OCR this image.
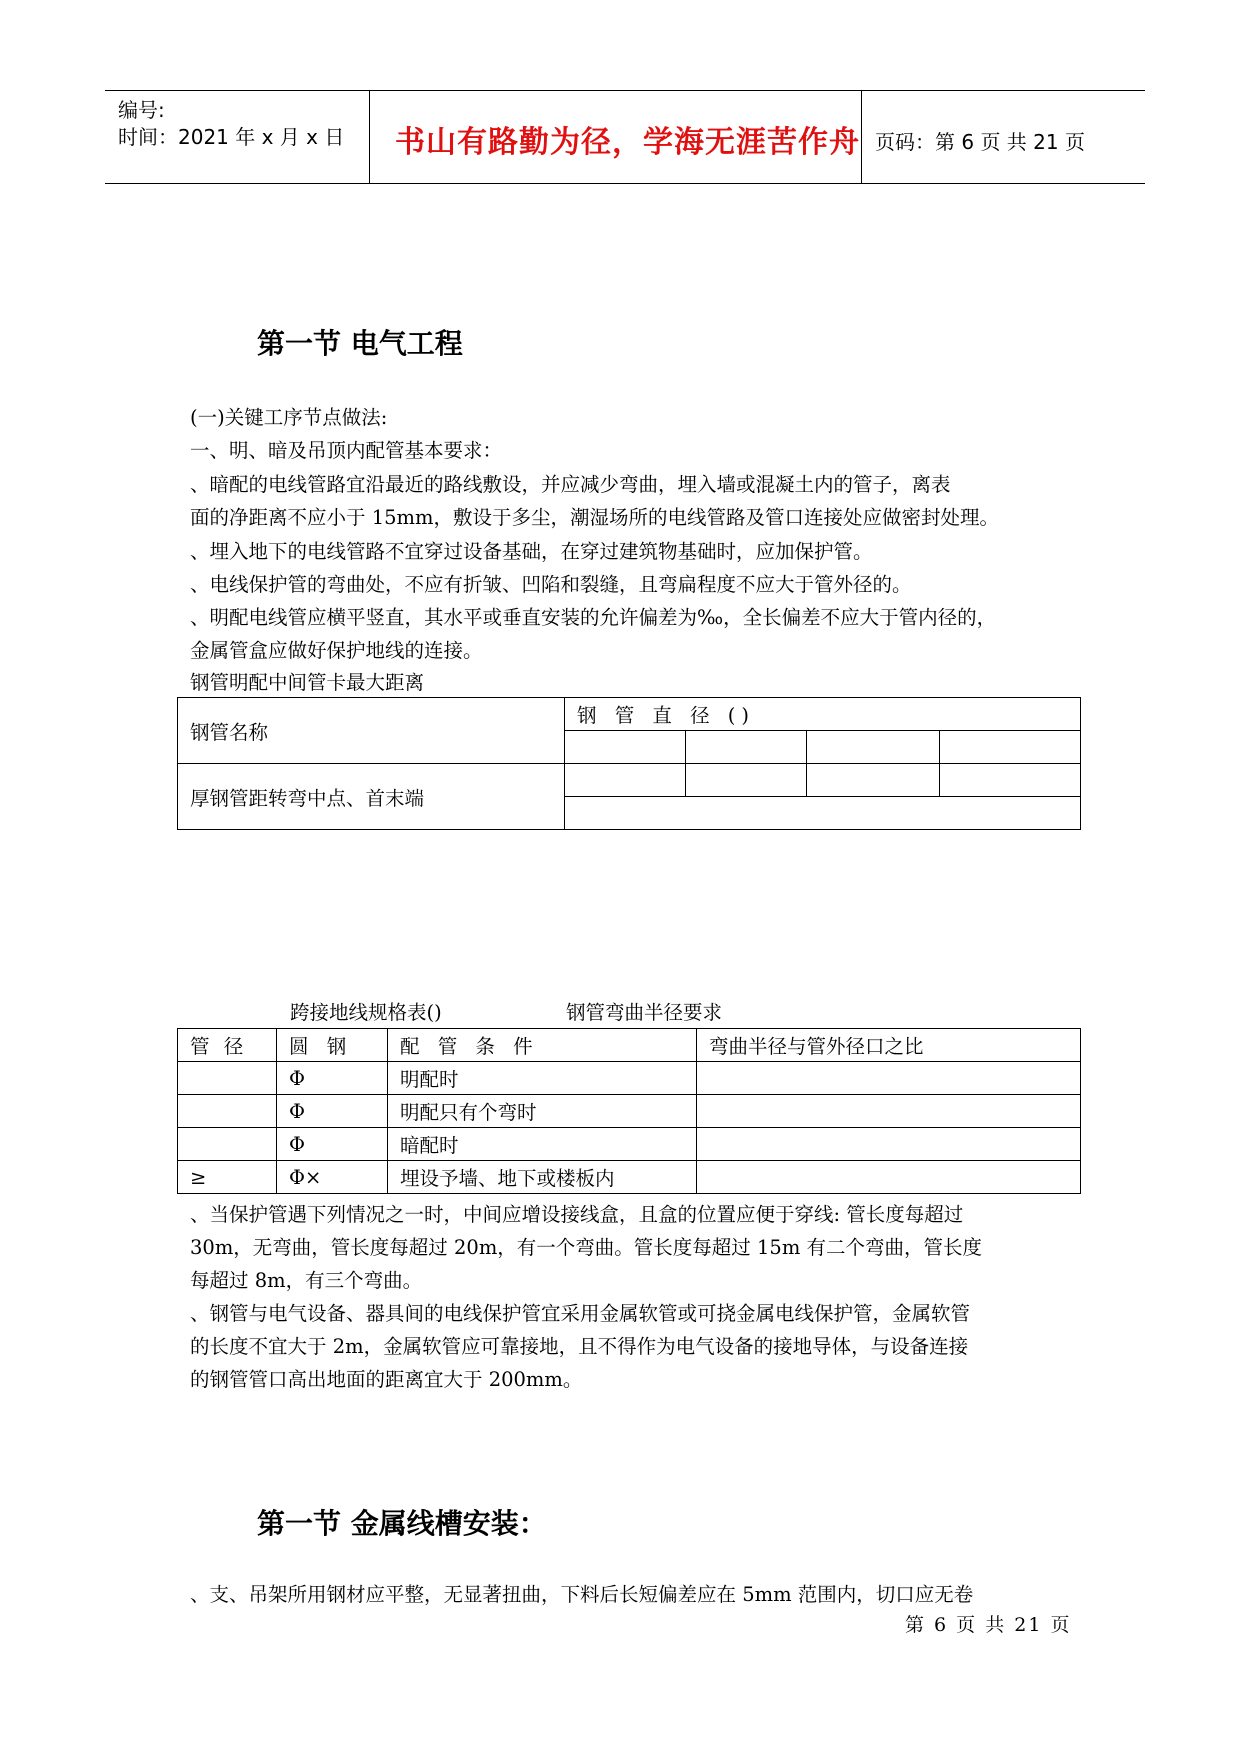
编号:
时间：2021 年 x 月 x 日 书山有路勤为径，学海无涯苦作舟 页码：第 6 页 共 21 页
第一节 电气工程
(一)关键工序节点做法:
一、明、暗及吊顶内配管基本要求：
、暗配的电线管路宜沿最近的路线敷设，并应减少弯曲，埋入墙或混凝土内的管子，离表
面的净距离不应小于 15mm，敷设于多尘，潮湿场所的电线管路及管口连接处应做密封处理。
、埋入地下的电线管路不宜穿过设备基础，在穿过建筑物基础时，应加保护管。
、电线保护管的弯曲处，不应有折皱、凹陷和裂缝，且弯扁程度不应大于管外径的。
、明配电线管应横平竖直，其水平或垂直安装的允许偏差为‰，全长偏差不应大于管内径的，
金属管盒应做好保护地线的连接。
钢管明配中间管卡最大距离
钢管名称	钢 管 直 径 ()			

厚钢管距转弯中点、首末端				

跨接地线规格表()	钢管弯曲半径要求
管 径	圆 钢	配 管 条 件	弯曲半径与管外径口之比
	Φ	明配时	
	Φ	明配只有个弯时	
	Φ	暗配时	
≥	Φ×	埋设予墙、地下或楼板内	
、当保护管遇下列情况之一时，中间应增设接线盒，且盒的位置应便于穿线: 管长度每超过
30m，无弯曲，管长度每超过 20m，有一个弯曲。管长度每超过 15m 有二个弯曲，管长度
每超过 8m，有三个弯曲。
、钢管与电气设备、器具间的电线保护管宜采用金属软管或可挠金属电线保护管，金属软管
的长度不宜大于 2m，金属软管应可靠接地，且不得作为电气设备的接地导体，与设备连接
的钢管管口高出地面的距离宜大于 200mm。
第一节 金属线槽安装：
、支、吊架所用钢材应平整，无显著扭曲，下料后长短偏差应在 5mm 范围内，切口应无卷
第 6 页 共 21 页
